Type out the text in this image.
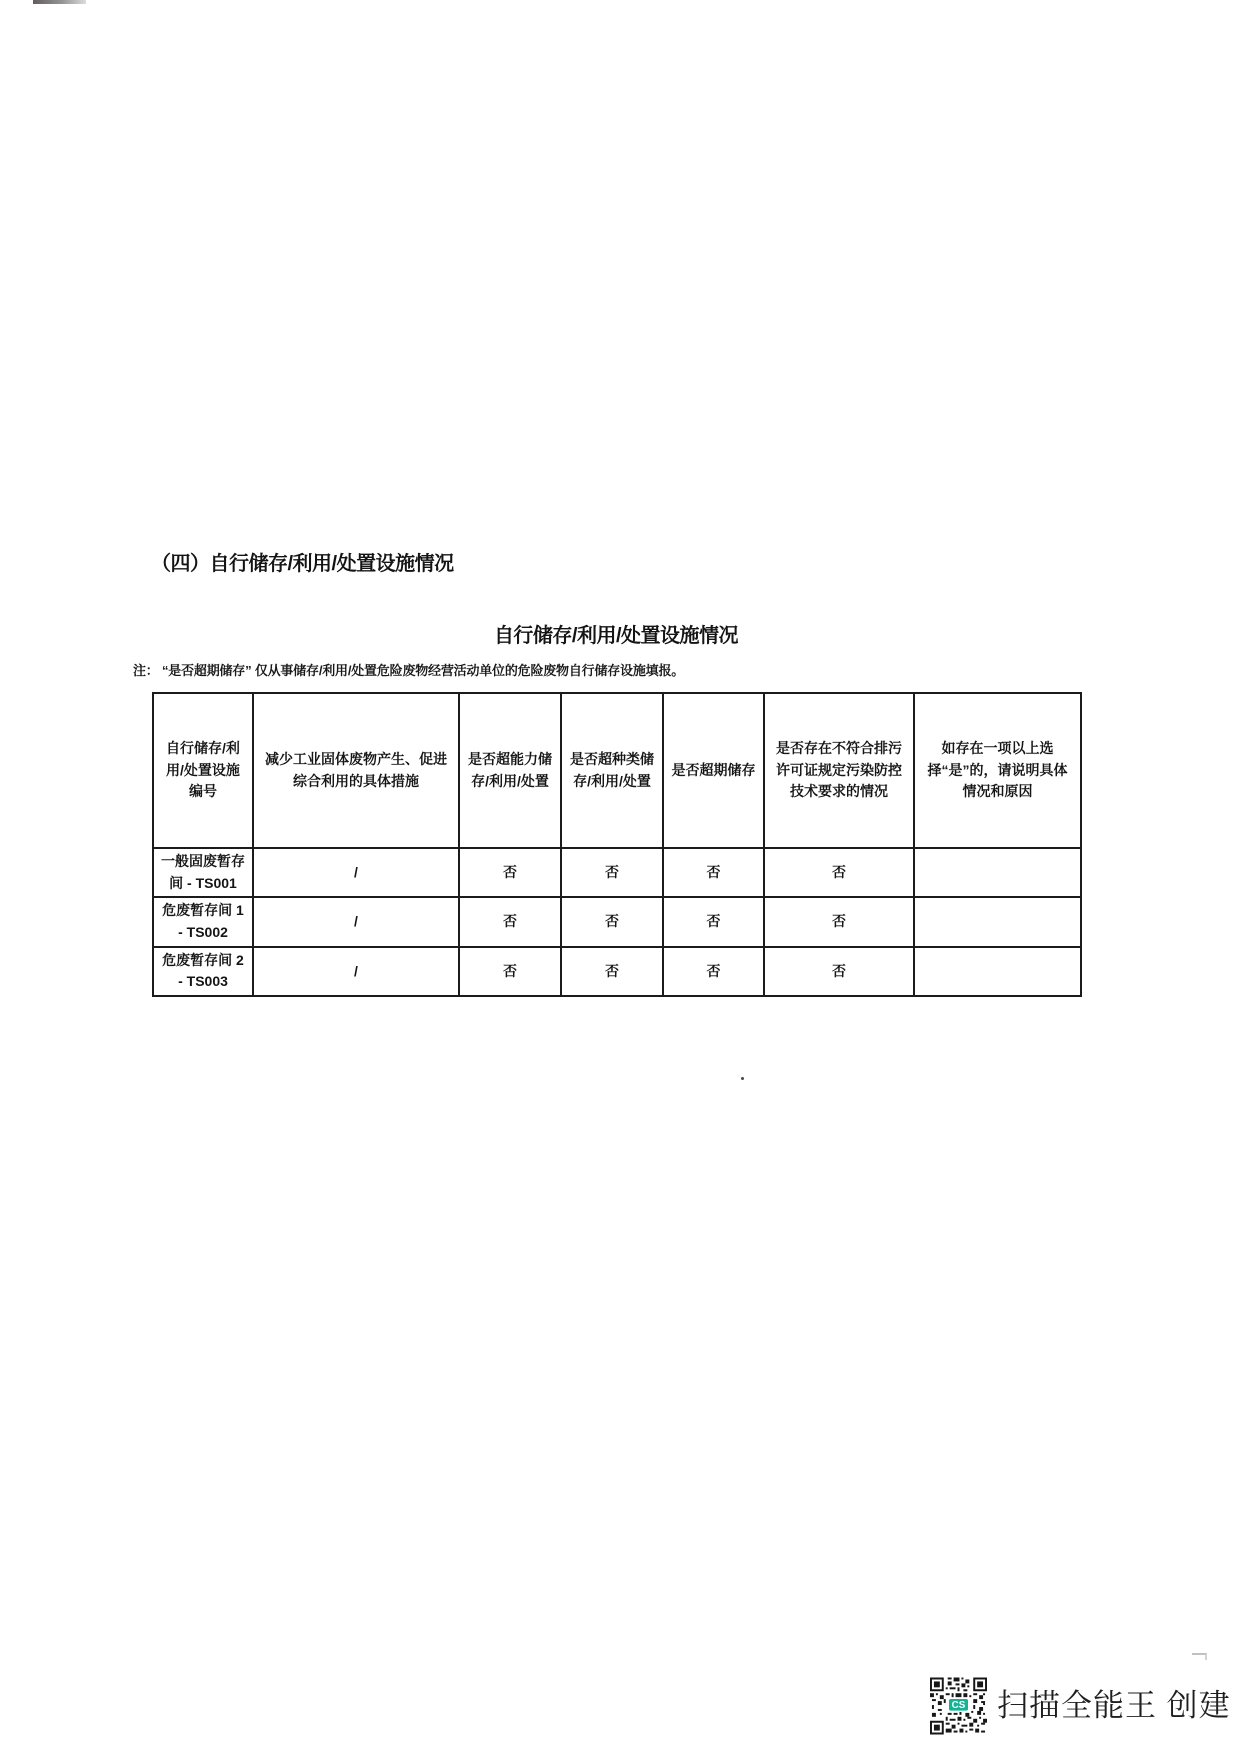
（四）自行储存/利用/处置设施情况
自行储存/利用/处置设施情况
注： “是否超期储存” 仅从事储存/利用/处置危险废物经营活动单位的危险废物自行储存设施填报。
自行储存/利用/处置设施编号	减少工业固体废物产生、促进综合利用的具体措施	是否超能力储存/利用/处置	是否超种类储存/利用/处置	是否超期储存	是否存在不符合排污许可证规定污染防控技术要求的情况	如存在一项以上选择“是”的，请说明具体情况和原因
一般固废暂存间 - TS001	/	否	否	否	否	
危废暂存间 1 - TS002	/	否	否	否	否	
危废暂存间 2 - TS003	/	否	否	否	否	
CS 扫描全能王 创建
